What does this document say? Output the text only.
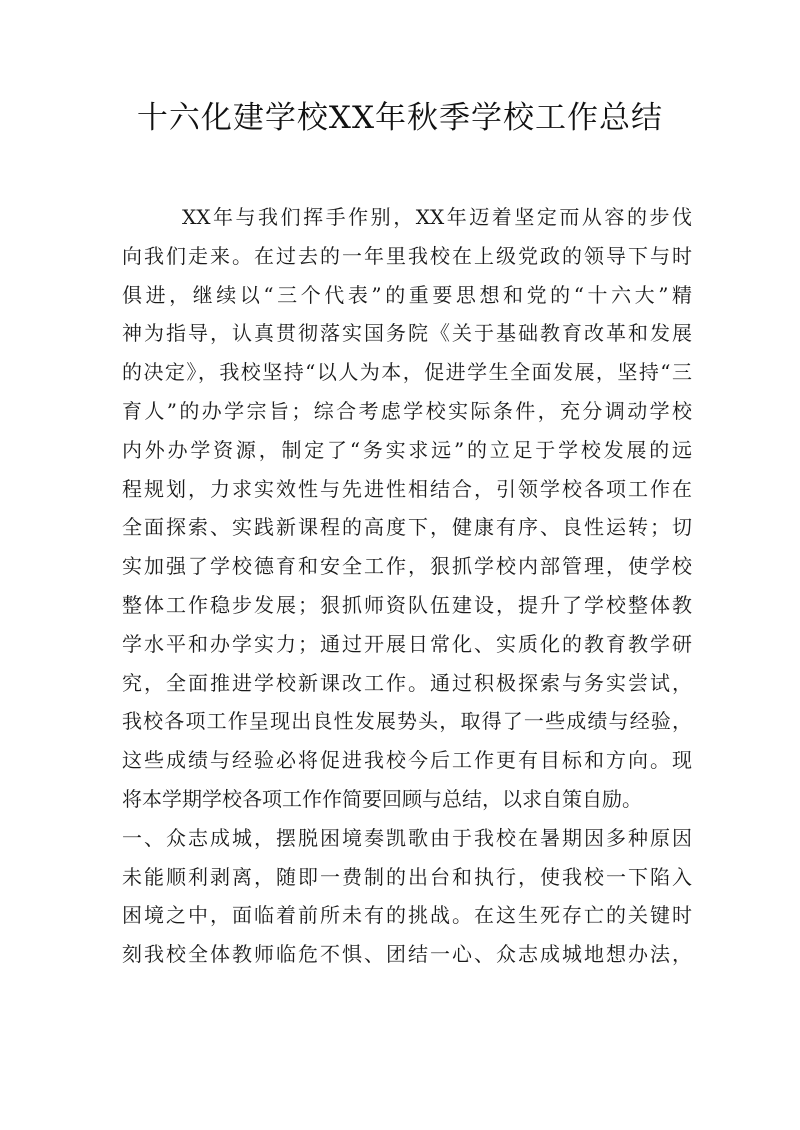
十六化建学校XX年秋季学校工作总结
XX年与我们挥手作别，XX年迈着坚定而从容的步伐
向我们走来。在过去的一年里我校在上级党政的领导下与时
俱进，继续以“三个代表”的重要思想和党的“十六大”精
神为指导，认真贯彻落实国务院《关于基础教育改革和发展
的决定》，我校坚持“以人为本，促进学生全面发展，坚持“三
育人”的办学宗旨；综合考虑学校实际条件，充分调动学校
内外办学资源，制定了“务实求远”的立足于学校发展的远
程规划，力求实效性与先进性相结合，引领学校各项工作在
全面探索、实践新课程的高度下，健康有序、良性运转；切
实加强了学校德育和安全工作，狠抓学校内部管理，使学校
整体工作稳步发展；狠抓师资队伍建设，提升了学校整体教
学水平和办学实力；通过开展日常化、实质化的教育教学研
究，全面推进学校新课改工作。通过积极探索与务实尝试，
我校各项工作呈现出良性发展势头，取得了一些成绩与经验，
这些成绩与经验必将促进我校今后工作更有目标和方向。现
将本学期学校各项工作作简要回顾与总结，以求自策自励。
一、众志成城，摆脱困境奏凯歌由于我校在暑期因多种原因
未能顺利剥离，随即一费制的出台和执行，使我校一下陷入
困境之中，面临着前所未有的挑战。在这生死存亡的关键时
刻我校全体教师临危不惧、团结一心、众志成城地想办法，
